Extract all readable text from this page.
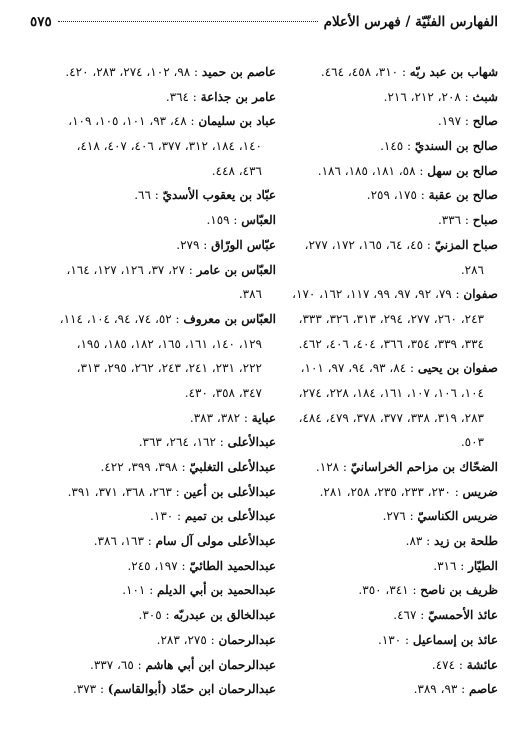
الفهارس الفنّيّة / فهرس الأعلام
٥٧٥
شهاب بن عبد ربّه : ٣١٠، ٤٥٨، ٤٦٤.
شبث : ٢٠٨، ٢١٢، ٢١٦.
صالح : ١٩٧.
صالح بن السنديّ : ١٤٥.
صالح بن سهل : ٥٨، ١٨١، ١٨٥، ١٨٦.
صالح بن عقبة : ١٧٥، ٢٥٩.
صباح : ٣٣٦.
صباح المزنيّ : ٤٥، ٦٤، ١٦٥، ١٧٢، ٢٧٧،
٢٨٦.
صفوان : ٧٩، ٩٢، ٩٧، ٩٩، ١١٧، ١٦٢، ١٧٠،
٢٤٣، ٢٦٠، ٢٧٧، ٢٩٤، ٣١٣، ٣٢٦، ٣٣٣،
٣٣٤، ٣٣٩، ٣٥٤، ٣٦٦، ٤٠٤، ٤٠٦، ٤٦٢.
صفوان بن يحيى : ٨٤، ٩٣، ٩٤، ٩٧، ١٠١،
١٠٤، ١٠٦، ١٠٧، ١٦١، ١٨٤، ٢٢٨، ٢٧٤،
٢٨٣، ٣١٩، ٣٣٨، ٣٧٧، ٣٧٨، ٤٧٩، ٤٨٤،
٥٠٣.
الضحّاك بن مزاحم الخراسانيّ : ١٢٨.
ضريس : ٢٣٠، ٢٣٣، ٢٣٥، ٢٥٨، ٢٨١.
ضريس الكناسيّ : ٢٧٦.
طلحة بن زيد : ٨٣.
الطيّار : ٣١٦.
ظريف بن ناصح : ٣٤١، ٣٥٠.
عائذ الأحمسيّ : ٤٦٧.
عائذ بن إسماعيل : ١٣٠.
عائشة : ٤٧٤.
عاصم : ٩٣، ٣٨٩.
عاصم بن حميد : ٩٨، ١٠٢، ٢٧٤، ٢٨٣، ٤٢٠.
عامر بن جذاعة : ٣٦٤.
عباد بن سليمان : ٤٨، ٩٣، ١٠١، ١٠٥، ١٠٩،
١٤٠، ١٨٤، ٣١٢، ٣٧٧، ٤٠٦، ٤٠٧، ٤١٨،
٤٣٦، ٤٤٨.
عبّاد بن يعقوب الأسديّ : ٦٦.
العبّاس : ١٥٩.
عبّاس الورّاق : ٢٧٩.
العبّاس بن عامر : ٢٧، ٣٧، ١٢٦، ١٢٧، ١٦٤،
٣٨٦.
العبّاس بن معروف : ٥٢، ٧٤، ٩٤، ١٠٤، ١١٤،
١٢٩، ١٤٠، ١٦١، ١٦٥، ١٨٢، ١٨٥، ١٩٥،
٢٢٢، ٢٣١، ٢٤١، ٢٤٣، ٢٦٢، ٢٩٥، ٣١٣،
٣٤٧، ٣٥٨، ٤٣٠.
عباية : ٣٨٢، ٣٨٣.
عبدالأعلى : ١٦٢، ٢٦٤، ٣٦٣.
عبدالأعلى التغلبيّ : ٣٩٨، ٣٩٩، ٤٢٢.
عبدالأعلى بن أعين : ٢٦٣، ٣٦٨، ٣٧١، ٣٩١.
عبدالأعلى بن تميم : ١٣٠.
عبدالأعلى مولى آل سام : ١٦٣، ٣٨٦.
عبدالحميد الطائيّ : ١٩٧، ٢٤٥.
عبدالحميد بن أبي الديلم : ١٠١.
عبدالخالق بن عبدربّه : ٣٠٥.
عبدالرحمان : ٢٧٥، ٢٨٣.
عبدالرحمان ابن أبي هاشم : ٦٥، ٣٣٧.
عبدالرحمان ابن حمّاد (أبوالقاسم) : ٣٧٣.
